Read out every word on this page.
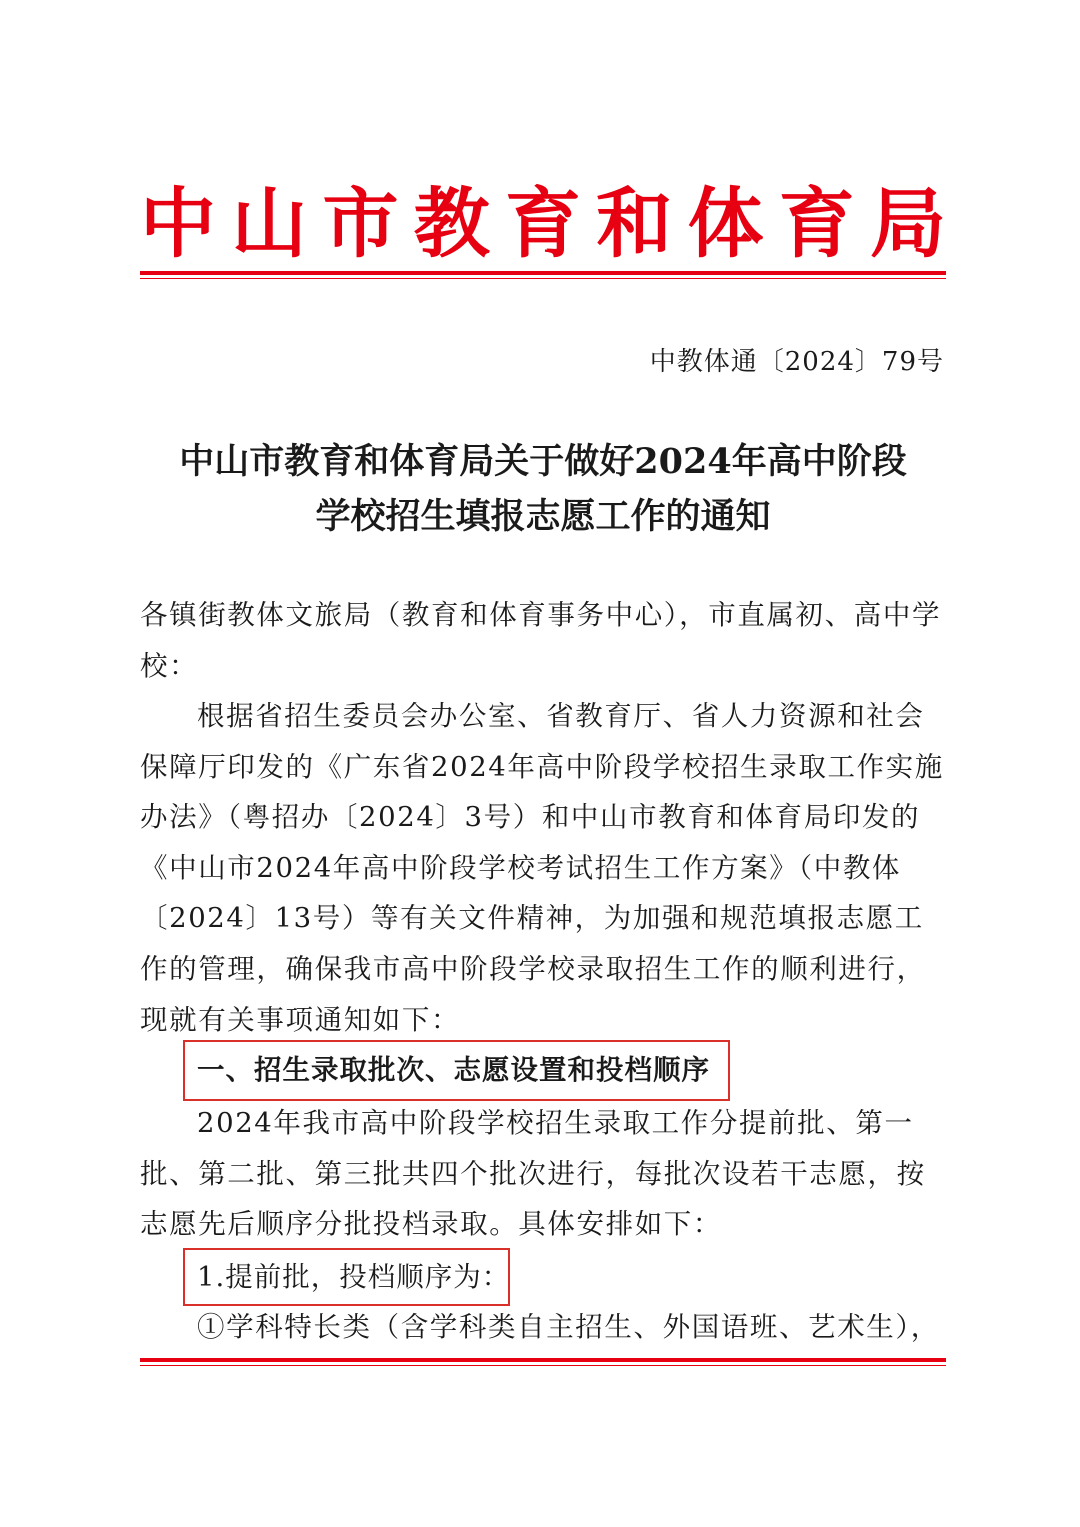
中 山 市 教 育 和 体 育 局
中教体通〔2024〕79号
中山市教育和体育局关于做好2024年高中阶段
学校招生填报志愿工作的通知

各镇街教体文旅局（教育和体育事务中心），市直属初、高中学校：

根据省招生委员会办公室、省教育厅、省人力资源和社会保障厅印发的《广东省2024年高中阶段学校招生录取工作实施办法》（粤招办〔2024〕3号）和中山市教育和体育局印发的《中山市2024年高中阶段学校考试招生工作方案》（中教体〔2024〕13号）等有关文件精神，为加强和规范填报志愿工作的管理，确保我市高中阶段学校录取招生工作的顺利进行，现就有关事项通知如下：

一、招生录取批次、志愿设置和投档顺序

2024年我市高中阶段学校招生录取工作分提前批、第一批、第二批、第三批共四个批次进行，每批次设若干志愿，按志愿先后顺序分批投档录取。具体安排如下：

1.提前批，投档顺序为：

①学科特长类（含学科类自主招生、外国语班、艺术生），
